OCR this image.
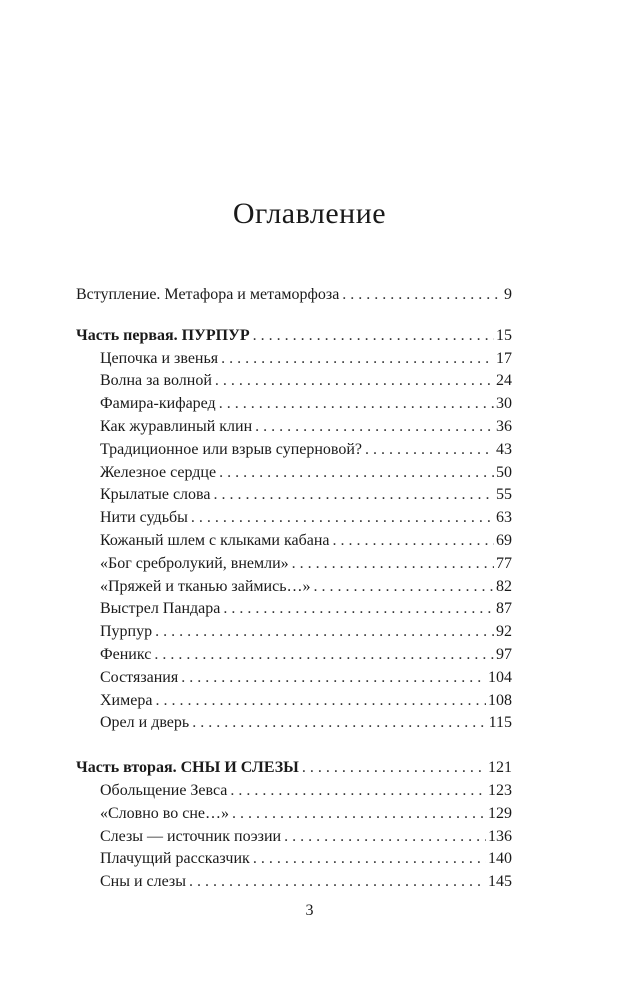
Оглавление
Вступление. Метафора и метаморфоза . . .	9
Часть первая. ПУРПУР . . .	15
Цепочка и звенья . . .	17
Волна за волной . . .	24
Фамира-кифаред . . .	30
Как журавлиный клин . . .	36
Традиционное или взрыв суперновой? . . .	43
Железное сердце . . .	50
Крылатые слова . . .	55
Нити судьбы . . .	63
Кожаный шлем с клыками кабана . . .	69
«Бог сребролукий, внемли» . . .	77
«Пряжей и тканью займись…» . . .	82
Выстрел Пандара . . .	87
Пурпур . . .	92
Феникс . . .	97
Состязания . . .	104
Химера . . .	108
Орел и дверь . . .	115
Часть вторая. СНЫ И СЛЕЗЫ . . .	121
Обольщение Зевса . . .	123
«Словно во сне…» . . .	129
Слезы — источник поэзии . . .	136
Плачущий рассказчик . . .	140
Сны и слезы . . .	145
3
